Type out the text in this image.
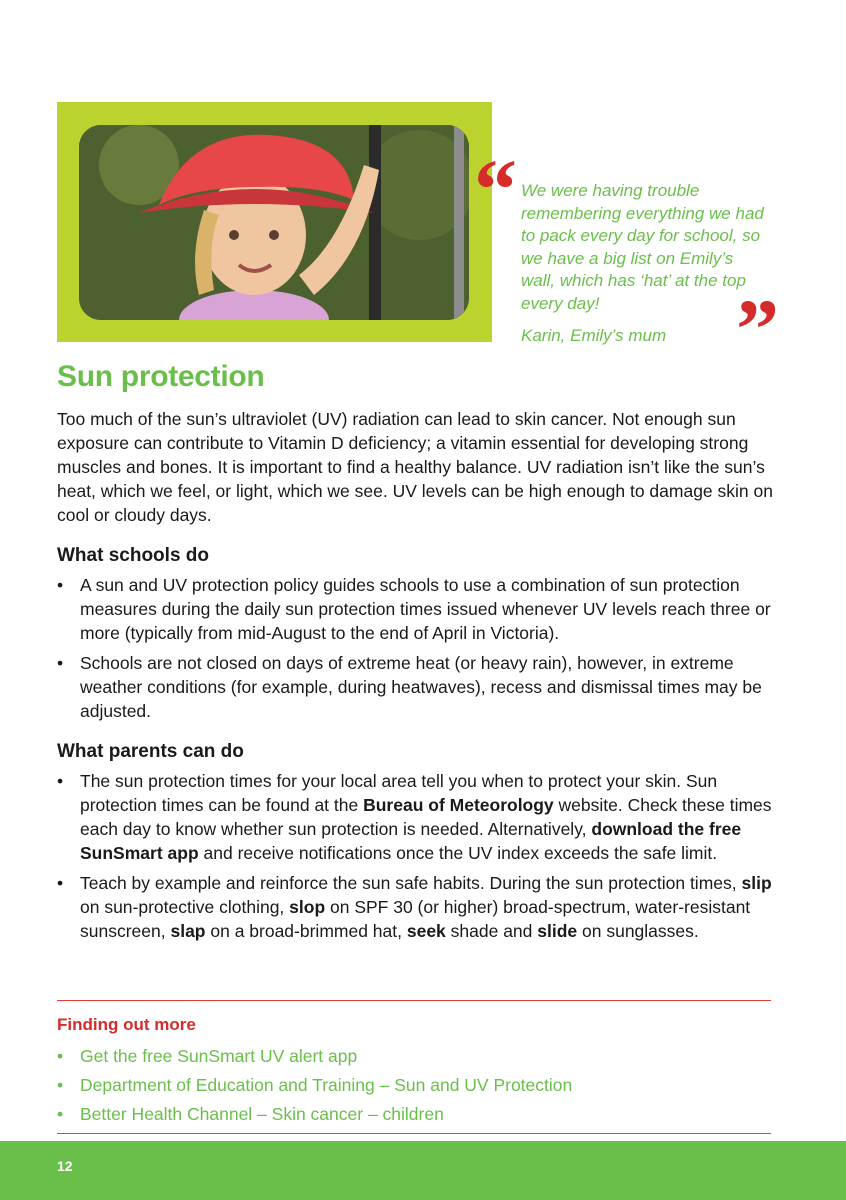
“ We were having trouble remembering everything we had to pack every day for school, so we have a big list on Emily’s wall, which has ‘hat’ at the top every day!	”
Karin, Emily’s mum
Sun protection

Too much of the sun’s ultraviolet (UV) radiation can lead to skin cancer. Not enough sun exposure can contribute to Vitamin D deficiency; a vitamin essential for developing strong muscles and bones. It is important to find a healthy balance. UV radiation isn’t like the sun’s heat, which we feel, or light, which we see. UV levels can be high enough to damage skin on cool or cloudy days.

What schools do
• A sun and UV protection policy guides schools to use a combination of sun protection measures during the daily sun protection times issued whenever UV levels reach three or more (typically from mid-August to the end of April in Victoria).
• Schools are not closed on days of extreme heat (or heavy rain), however, in extreme weather conditions (for example, during heatwaves), recess and dismissal times may be adjusted.
What parents can do
• The sun protection times for your local area tell you when to protect your skin. Sun protection times can be found at the Bureau of Meteorology website. Check these times each day to know whether sun protection is needed. Alternatively, download the free SunSmart app and receive notifications once the UV index exceeds the safe limit.
• Teach by example and reinforce the sun safe habits. During the sun protection times, slip on sun-protective clothing, slop on SPF 30 (or higher) broad-spectrum, water-resistant sunscreen, slap on a broad-brimmed hat, seek shade and slide on sunglasses.
Finding out more
• Get the free SunSmart UV alert app
• Department of Education and Training – Sun and UV Protection
• Better Health Channel – Skin cancer – children
12
